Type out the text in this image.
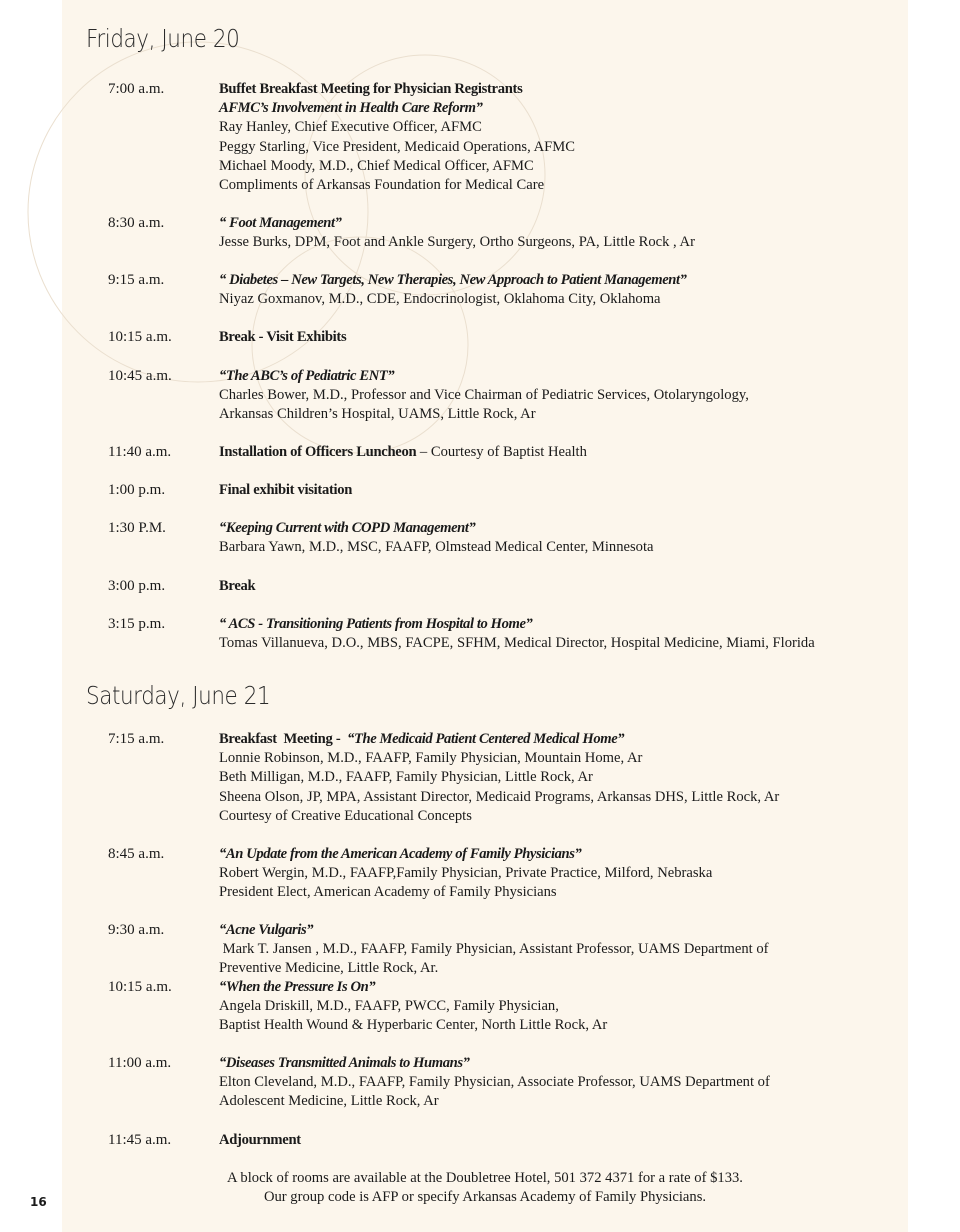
Friday, June 20
7:00 a.m.	Buffet Breakfast Meeting for Physician Registrants
AFMC’s Involvement in Health Care Reform”
Ray Hanley, Chief Executive Officer, AFMC
Peggy Starling, Vice President, Medicaid Operations, AFMC
Michael Moody, M.D., Chief Medical Officer, AFMC
Compliments of Arkansas Foundation for Medical Care
8:30 a.m.	“ Foot Management”
Jesse Burks, DPM, Foot and Ankle Surgery, Ortho Surgeons, PA, Little Rock , Ar
9:15 a.m.	“ Diabetes – New Targets, New Therapies, New Approach to Patient Management”
Niyaz Goxmanov, M.D., CDE, Endocrinologist, Oklahoma City, Oklahoma
10:15 a.m.	Break - Visit Exhibits
10:45 a.m.	“The ABC’s of Pediatric ENT”
Charles Bower, M.D., Professor and Vice Chairman of Pediatric Services, Otolaryngology,
Arkansas Children’s Hospital, UAMS, Little Rock, Ar
11:40 a.m.	Installation of Officers Luncheon – Courtesy of Baptist Health
1:00 p.m.	Final exhibit visitation
1:30 P.M.	“Keeping Current with COPD Management”
Barbara Yawn, M.D., MSC, FAAFP, Olmstead Medical Center, Minnesota
3:00 p.m.	Break
3:15 p.m.	“ ACS - Transitioning Patients from Hospital to Home”
Tomas Villanueva, D.O., MBS, FACPE, SFHM, Medical Director, Hospital Medicine, Miami, Florida
Saturday, June 21
7:15 a.m.	Breakfast  Meeting -  “The Medicaid Patient Centered Medical Home”
Lonnie Robinson, M.D., FAAFP, Family Physician, Mountain Home, Ar
Beth Milligan, M.D., FAAFP, Family Physician, Little Rock, Ar
Sheena Olson, JP, MPA, Assistant Director, Medicaid Programs, Arkansas DHS, Little Rock, Ar
Courtesy of Creative Educational Concepts
8:45 a.m.	“An Update from the American Academy of Family Physicians”
Robert Wergin, M.D., FAAFP,Family Physician, Private Practice, Milford, Nebraska
President Elect, American Academy of Family Physicians
9:30 a.m.	“Acne Vulgaris”
Mark T. Jansen , M.D., FAAFP, Family Physician, Assistant Professor, UAMS Department of
Preventive Medicine, Little Rock, Ar.
10:15 a.m.	“When the Pressure Is On”
Angela Driskill, M.D., FAAFP, PWCC, Family Physician,
Baptist Health Wound & Hyperbaric Center, North Little Rock, Ar
11:00 a.m.	“Diseases Transmitted Animals to Humans”
Elton Cleveland, M.D., FAAFP, Family Physician, Associate Professor, UAMS Department of
Adolescent Medicine, Little Rock, Ar
11:45 a.m.	Adjournment
A block of rooms are available at the Doubletree Hotel, 501 372 4371 for a rate of $133.
Our group code is AFP or specify Arkansas Academy of Family Physicians.
16
